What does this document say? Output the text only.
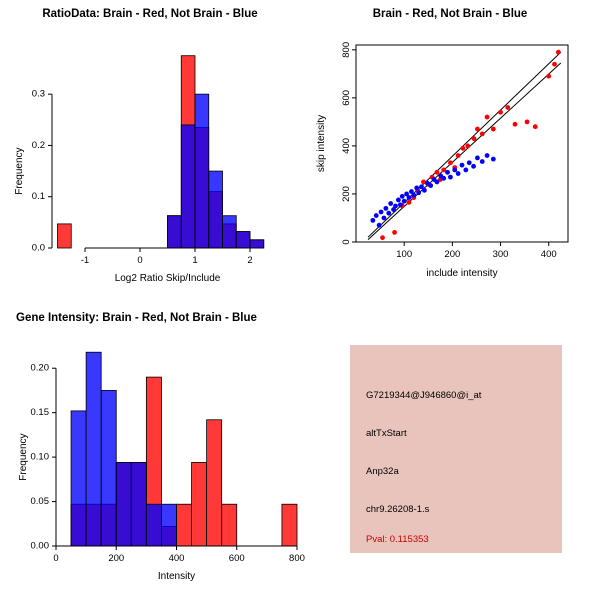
RatioData: Brain - Red, Not Brain - Blue
-1	0	1	2
0.0
0.1
0.2
0.3
Log2 Ratio Skip/Include
Frequency
Brain - Red, Not Brain - Blue
100	200	300	400
0
200
400
600
800
include intensity
skip intensity
Gene Intensity: Brain - Red, Not Brain - Blue
0	200	400	600	800
0.00
0.05
0.10
0.15
0.20
Intensity
Frequency
G7219344@J946860@i_at
altTxStart
Anp32a
chr9.26208-1.s
Pval: 0.115353
